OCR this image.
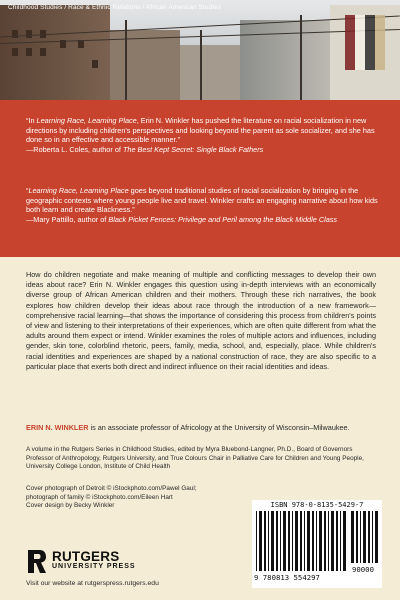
Childhood Studies / Race & Ethnic Relations / African American Studies
“In Learning Race, Learning Place, Erin N. Winkler has pushed the literature on racial socialization in new directions by including children's perspectives and looking beyond the parent as sole socializer, and she has done so in an effective and accessible manner.”
—Roberta L. Coles, author of The Best Kept Secret: Single Black Fathers
“Learning Race, Learning Place goes beyond traditional studies of racial socialization by bringing in the geographic contexts where young people live and travel. Winkler crafts an engaging narrative about how kids both learn and create Blackness.”
—Mary Pattillo, author of Black Picket Fences: Privilege and Peril among the Black Middle Class
How do children negotiate and make meaning of multiple and conflicting messages to develop their own ideas about race? Erin N. Winkler engages this question using in-depth interviews with an economically diverse group of African American children and their mothers. Through these rich narratives, the book explores how children develop their ideas about race through the introduction of a new framework—comprehensive racial learning—that shows the importance of considering this process from children's points of view and listening to their interpretations of their experiences, which are often quite different from what the adults around them expect or intend. Winkler examines the roles of multiple actors and influences, including gender, skin tone, colorblind rhetoric, peers, family, media, school, and, especially, place. While children's racial identities and experiences are shaped by a national construction of race, they are also specific to a particular place that exerts both direct and indirect influence on their racial identities and ideas.
ERIN N. WINKLER is an associate professor of Africology at the University of Wisconsin–Milwaukee.
A volume in the Rutgers Series in Childhood Studies, edited by Myra Bluebond-Langner, Ph.D., Board of Governors Professor of Anthropology, Rutgers University, and True Colours Chair in Palliative Care for Children and Young People, University College London, Institute of Child Health
Cover photograph of Detroit © iStockphoto.com/Pawel Gaul;
photograph of family © iStockphoto.com/Eileen Hart
Cover design by Becky Winkler	ISBN 978-0-8135-5429-7
9 780813 554297
90000
RUTGERS
UNIVERSITY PRESS
Visit our website at rutgerspress.rutgers.edu
